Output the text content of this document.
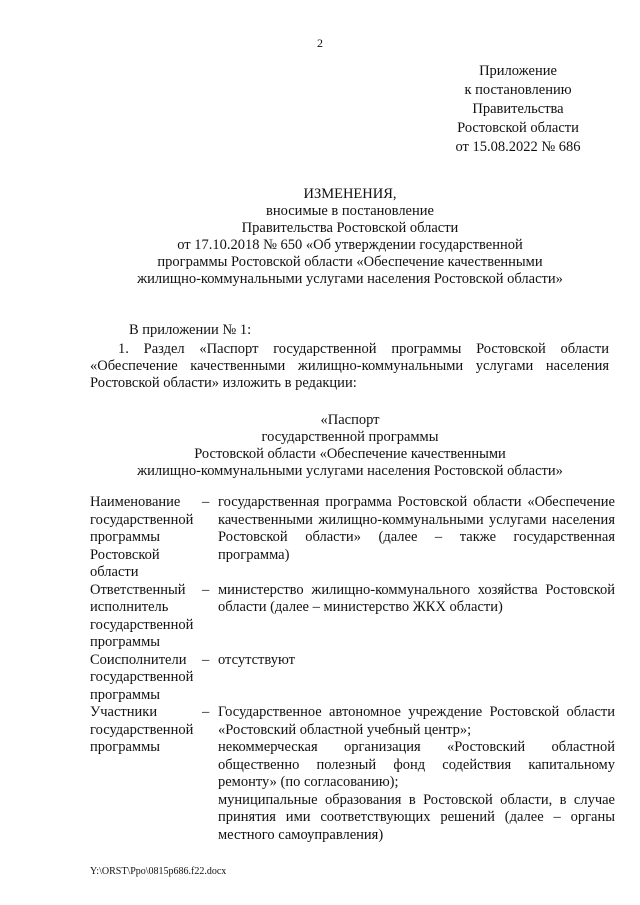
2
Приложение
к постановлению
Правительства
Ростовской области
от 15.08.2022 № 686
ИЗМЕНЕНИЯ,
вносимые в постановление
Правительства Ростовской области
от 17.10.2018 № 650 «Об утверждении государственной
программы Ростовской области «Обеспечение качественными
жилищно-коммунальными услугами населения Ростовской области»
В приложении № 1:
1. Раздел «Паспорт государственной программы Ростовской области «Обеспечение качественными жилищно-коммунальными услугами населения Ростовской области» изложить в редакции:
«Паспорт
государственной программы
Ростовской области «Обеспечение качественными
жилищно-коммунальными услугами населения Ростовской области»
Наименование государственной программы Ростовской области
– государственная программа Ростовской области «Обеспечение качественными жилищно-коммунальными услугами населения Ростовской области» (далее – также государственная программа)

Ответственный исполнитель государственной программы
– министерство жилищно-коммунального хозяйства Ростовской области (далее – министерство ЖКХ области)

Соисполнители государственной программы
– отсутствуют

Участники государственной программы
– Государственное автономное учреждение Ростовской области «Ростовский областной учебный центр»;

некоммерческая организация «Ростовский областной общественно полезный фонд содействия капитальному ремонту» (по согласованию);

муниципальные образования в Ростовской области, в случае принятия ими соответствующих решений (далее – органы местного самоуправления)

Y:\ORST\Ppo\0815p686.f22.docx
